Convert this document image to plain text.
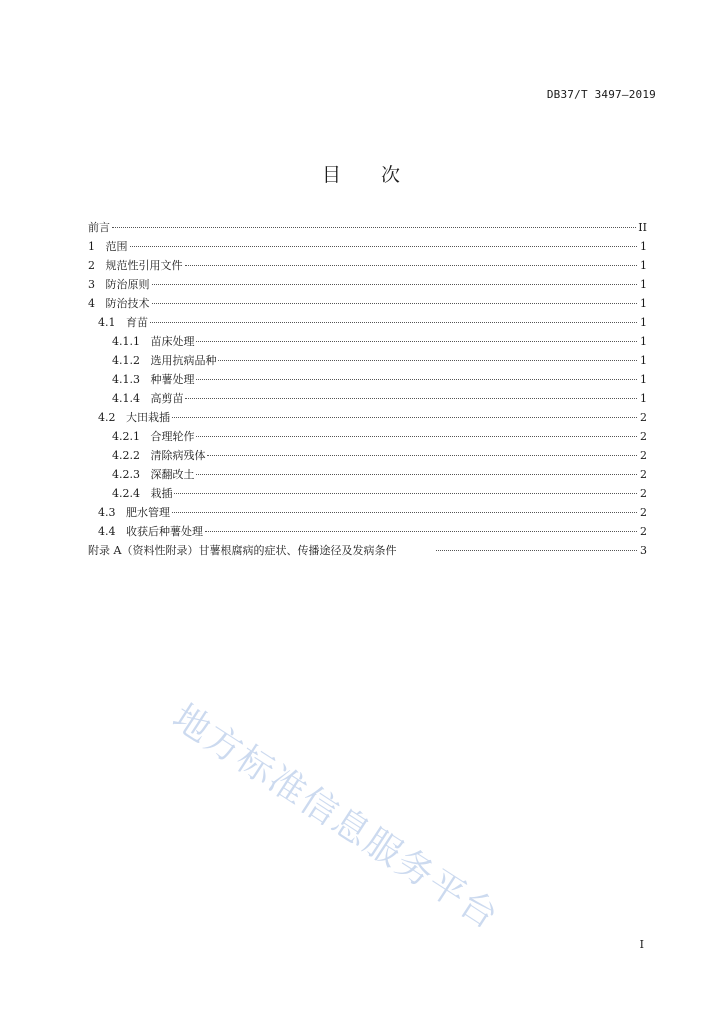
DB37/T 3497—2019
目 次
前言	II
1 范围	1
2 规范性引用文件	1
3 防治原则	1
4 防治技术	1
4.1 育苗	1
4.1.1 苗床处理	1
4.1.2 选用抗病品种	1
4.1.3 种薯处理	1
4.1.4 高剪苗	1
4.2 大田栽插	2
4.2.1 合理轮作	2
4.2.2 清除病残体	2
4.2.3 深翻改土	2
4.2.4 栽插	2
4.3 肥水管理	2
4.4 收获后种薯处理	2
附录 A（资料性附录）甘薯根腐病的症状、传播途径及发病条件	3
地方标准信息服务平台
I
